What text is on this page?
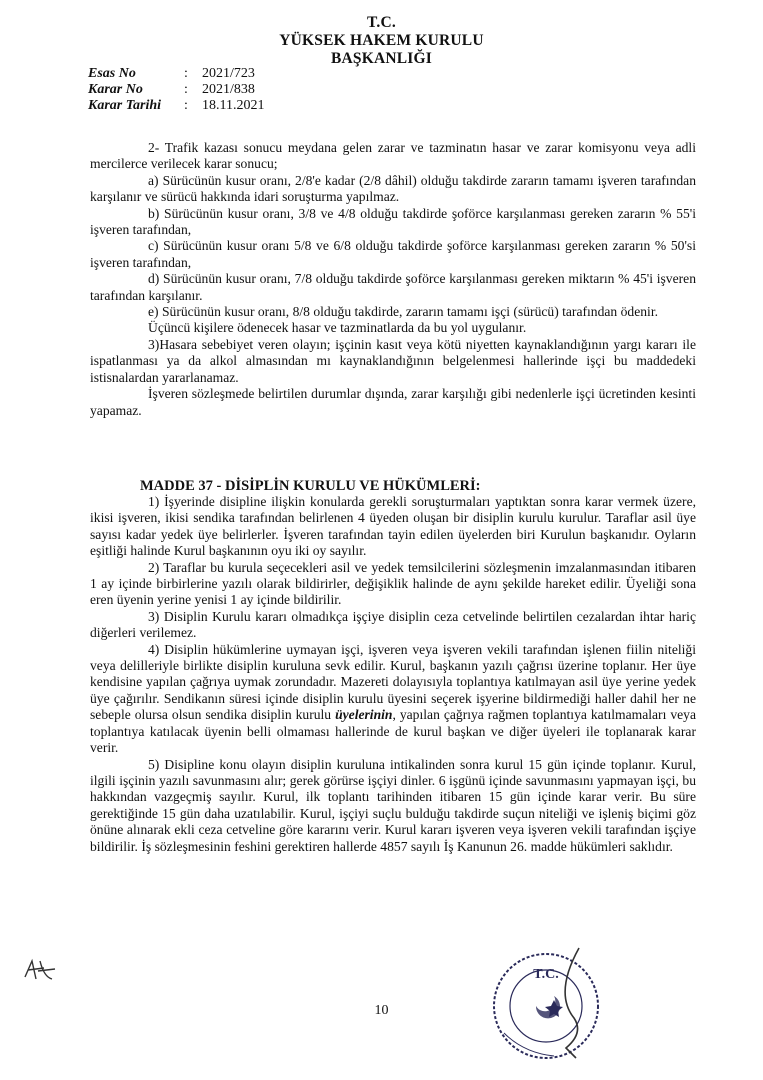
T.C.
YÜKSEK HAKEM KURULU
BAŞKANLIĞI
Esas No	:	2021/723
Karar No	:	2021/838
Karar Tarihi	:	18.11.2021

2- Trafik kazası sonucu meydana gelen zarar ve tazminatın hasar ve zarar komisyonu veya adli mercilerce verilecek karar sonucu;

a) Sürücünün kusur oranı, 2/8'e kadar (2/8 dâhil) olduğu takdirde zararın tamamı işveren tarafından karşılanır ve sürücü hakkında idari soruşturma yapılmaz.

b) Sürücünün kusur oranı, 3/8 ve 4/8 olduğu takdirde şoförce karşılanması gereken zararın % 55'i işveren tarafından,

c) Sürücünün kusur oranı 5/8 ve 6/8 olduğu takdirde şoförce karşılanması gereken zararın % 50'si işveren tarafından,

d) Sürücünün kusur oranı, 7/8 olduğu takdirde şoförce karşılanması gereken miktarın % 45'i işveren tarafından karşılanır.

e) Sürücünün kusur oranı, 8/8 olduğu takdirde, zararın tamamı işçi (sürücü) tarafından ödenir.

Üçüncü kişilere ödenecek hasar ve tazminatlarda da bu yol uygulanır.

3)Hasara sebebiyet veren olayın; işçinin kasıt veya kötü niyetten kaynaklandığının yargı kararı ile ispatlanması ya da alkol almasından mı kaynaklandığının belgelenmesi hallerinde işçi bu maddedeki istisnalardan yararlanamaz.

İşveren sözleşmede belirtilen durumlar dışında, zarar karşılığı gibi nedenlerle işçi ücretinden kesinti yapamaz.

MADDE 37 - DİSİPLİN KURULU VE HÜKÜMLERİ:

1) İşyerinde disipline ilişkin konularda gerekli soruşturmaları yaptıktan sonra karar vermek üzere, ikisi işveren, ikisi sendika tarafından belirlenen 4 üyeden oluşan bir disiplin kurulu kurulur. Taraflar asil üye sayısı kadar yedek üye belirlerler. İşveren tarafından tayin edilen üyelerden biri Kurulun başkanıdır. Oyların eşitliği halinde Kurul başkanının oyu iki oy sayılır.

2) Taraflar bu kurula seçecekleri asil ve yedek temsilcilerini sözleşmenin imzalanmasından itibaren 1 ay içinde birbirlerine yazılı olarak bildirirler, değişiklik halinde de aynı şekilde hareket edilir. Üyeliği sona eren üyenin yerine yenisi 1 ay içinde bildirilir.

3) Disiplin Kurulu kararı olmadıkça işçiye disiplin ceza cetvelinde belirtilen cezalardan ihtar hariç diğerleri verilemez.

4) Disiplin hükümlerine uymayan işçi, işveren veya işveren vekili tarafından işlenen fiilin niteliği veya delilleriyle birlikte disiplin kuruluna sevk edilir. Kurul, başkanın yazılı çağrısı üzerine toplanır. Her üye kendisine yapılan çağrıya uymak zorundadır. Mazereti dolayısıyla toplantıya katılmayan asil üye yerine yedek üye çağırılır. Sendikanın süresi içinde disiplin kurulu üyesini seçerek işyerine bildirmediği haller dahil her ne sebeple olursa olsun sendika disiplin kurulu üyelerinin, yapılan çağrıya rağmen toplantıya katılmamaları veya toplantıya katılacak üyenin belli olmaması hallerinde de kurul başkan ve diğer üyeleri ile toplanarak karar verir.

5) Disipline konu olayın disiplin kuruluna intikalinden sonra kurul 15 gün içinde toplanır. Kurul, ilgili işçinin yazılı savunmasını alır; gerek görürse işçiyi dinler. 6 işgünü içinde savunmasını yapmayan işçi, bu hakkından vazgeçmiş sayılır. Kurul, ilk toplantı tarihinden itibaren 15 gün içinde karar verir. Bu süre gerektiğinde 15 gün daha uzatılabilir. Kurul, işçiyi suçlu bulduğu takdirde suçun niteliği ve işleniş biçimi göz önüne alınarak ekli ceza cetveline göre kararını verir. Kurul kararı işveren veya işveren vekili tarafından işçiye bildirilir. İş sözleşmesinin feshini gerektiren hallerde 4857 sayılı İş Kanunun 26. madde hükümleri saklıdır.

10
T.C.
